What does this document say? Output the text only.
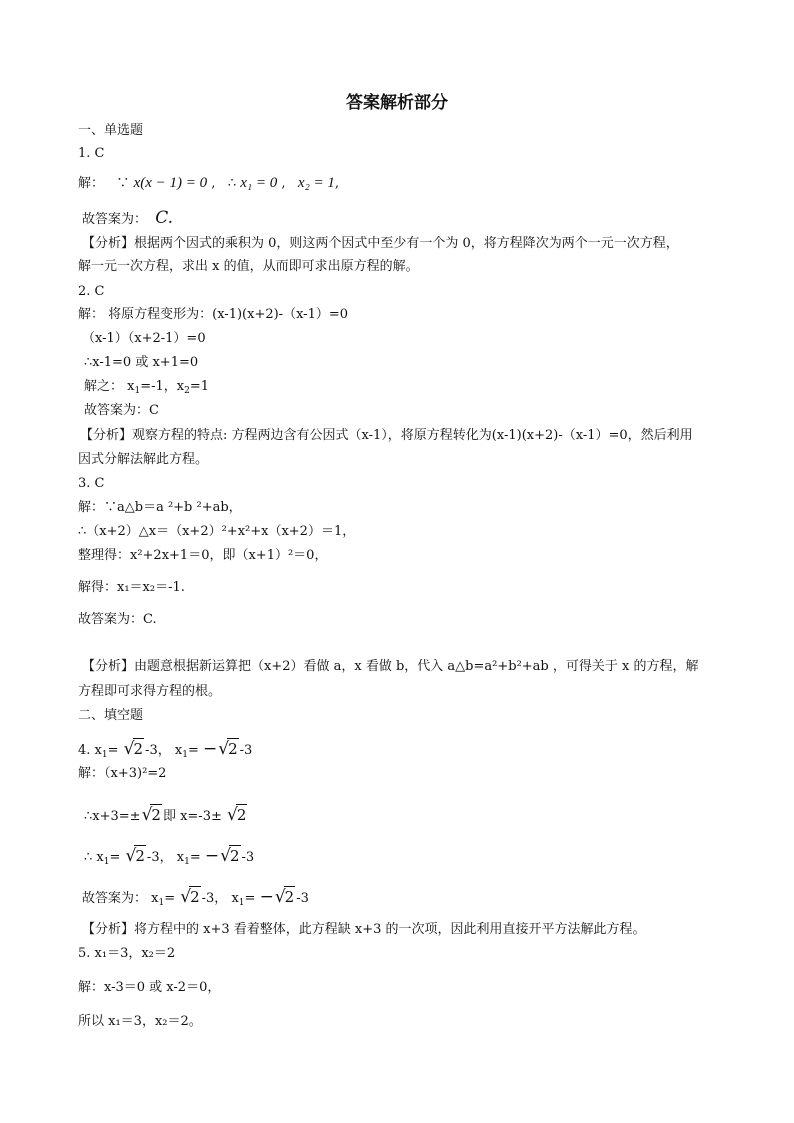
答案解析部分
一、单选题
1. C
解： ∵ x(x − 1) = 0 ,   ∴ x₁ = 0 ,   x₂ = 1,
故答案为： C.
【分析】根据两个因式的乘积为 0，则这两个因式中至少有一个为 0，将方程降次为两个一元一次方程，
解一元一次方程，求出 x 的值，从而即可求出原方程的解。
2. C
解： 将原方程变形为：(x-1)(x+2)-（x-1）=0
（x-1）（x+2-1）=0
∴x-1=0 或 x+1=0
解之： $x_1=-1$，$x_2=1$
故答案为：C
【分析】观察方程的特点: 方程两边含有公因式（x-1），将原方程转化为(x-1)(x+2)-（x-1）=0，然后利用
因式分解法解此方程。
3. C
解：∵a△b＝a ²+b ²+ab，
∴（x+2）△x＝（x+2）²+x²+x（x+2）＝1，
整理得：x²+2x+1＝0，即（x+1）²＝0，
解得：x₁＝x₂＝-1.
故答案为：C.
【分析】由题意根据新运算把（x+2）看做 a，x 看做 b，代入 a△b=a²+b²+ab ，可得关于 x 的方程，解
方程即可求得方程的根。
二、填空题
4. $x_1= √2$ -3， $x_1= -√2$ -3
解：（x+3)²=2
∴x+3=±√2 即 x=-3± √2
∴ $x_1= √2$ -3， $x_1= -√2$ -3
故答案为： $x_1= √2$ -3， $x_1= -√2$ -3
【分析】将方程中的 x+3 看着整体，此方程缺 x+3 的一次项，因此利用直接开平方法解此方程。
5. x₁＝3，x₂＝2
解：x-3＝0 或 x-2＝0，
所以 x₁＝3，x₂＝2。
